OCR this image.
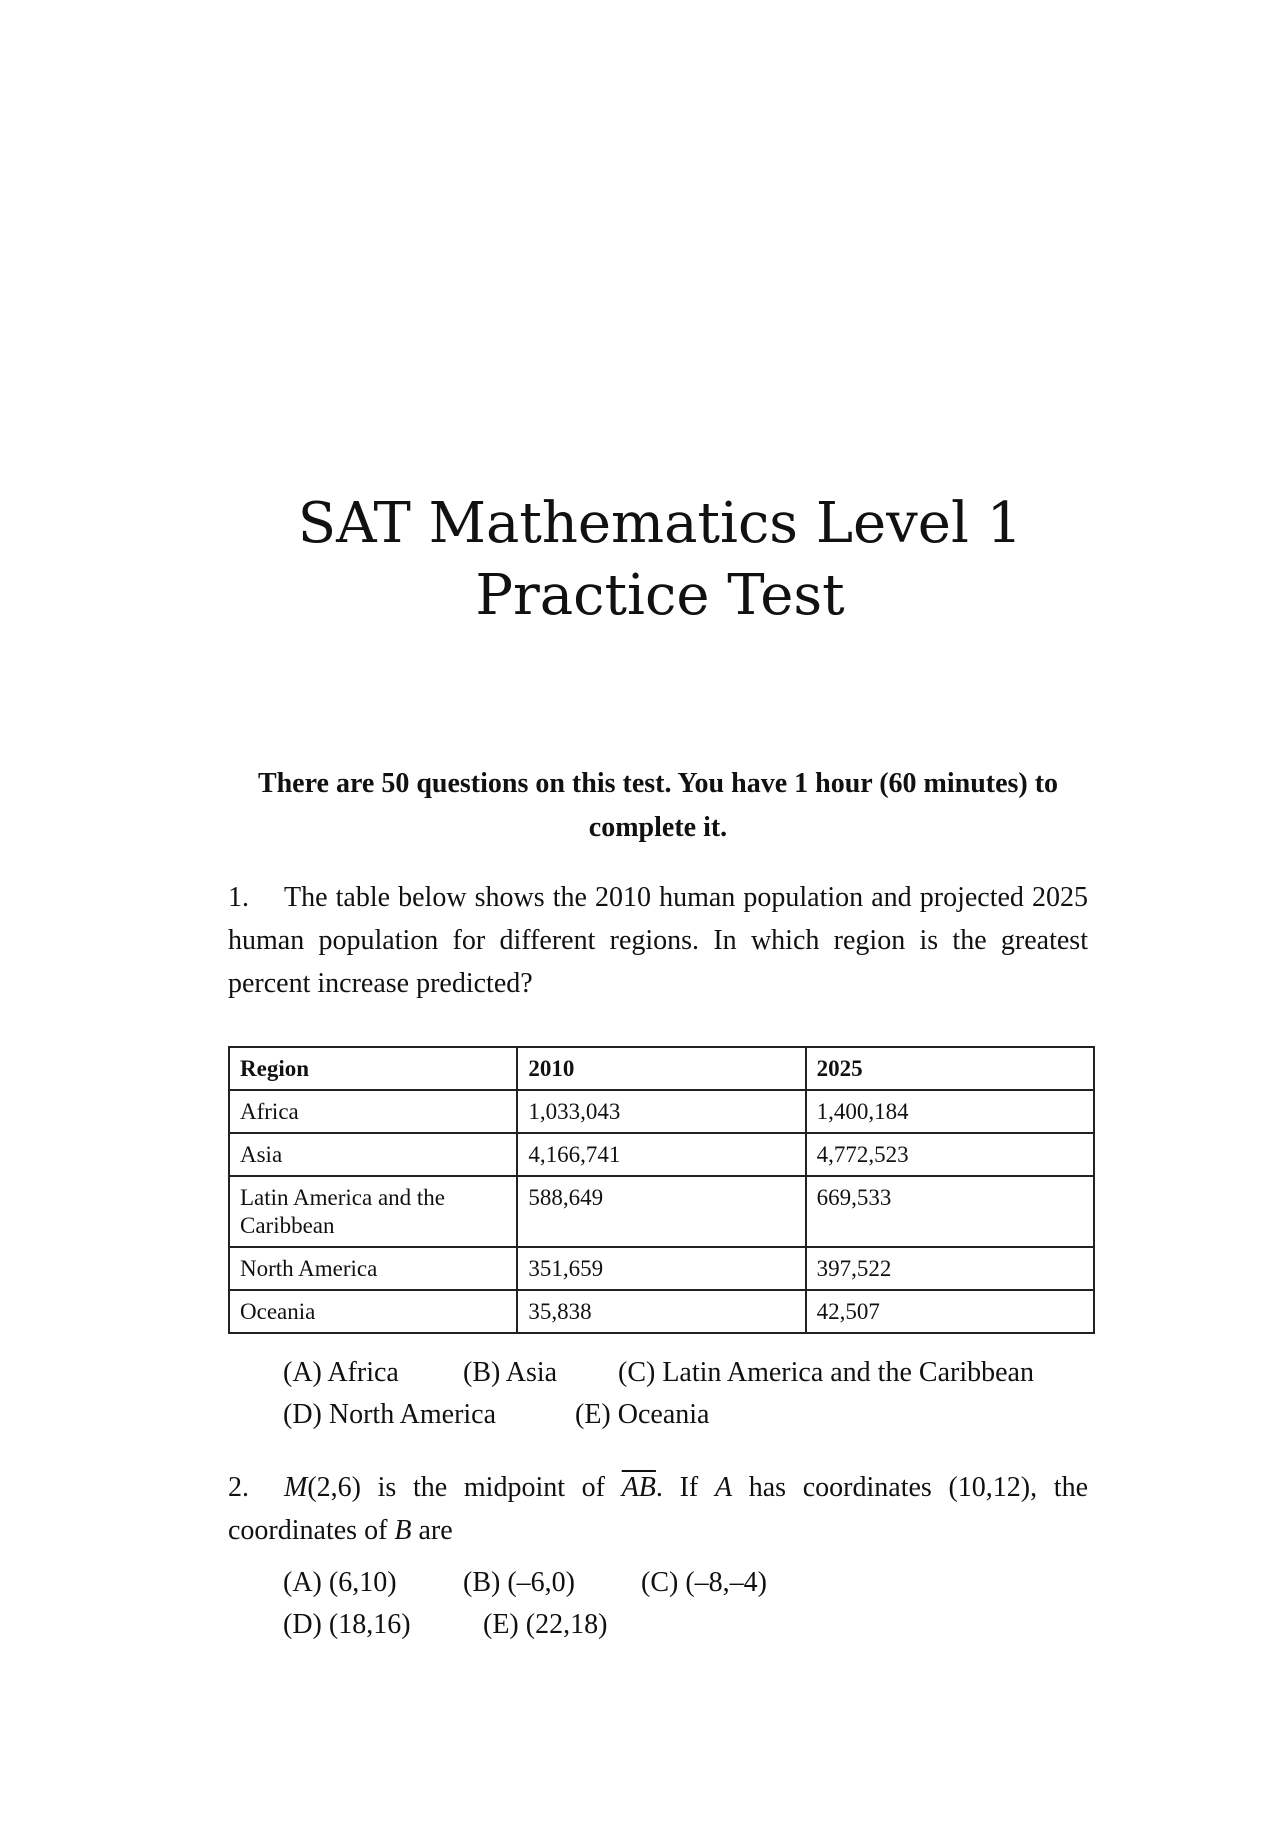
SAT Mathematics Level 1
Practice Test
There are 50 questions on this test. You have 1 hour (60 minutes) to complete it.
1. The table below shows the 2010 human population and projected 2025 human population for different regions. In which region is the greatest percent increase predicted?
Region	2010	2025
Africa	1,033,043	1,400,184
Asia	4,166,741	4,772,523
Latin America and the Caribbean	588,649	669,533
North America	351,659	397,522
Oceania	35,838	42,507
(A) Africa (B) Asia (C) Latin America and the Caribbean
(D) North America	(E) Oceania
2. M(2,6) is the midpoint of $\overline{AB}$. If A has coordinates (10,12), the coordinates of B are
(A) (6,10) (B) (–6,0) (C) (–8,–4)
(D) (18,16)	(E) (22,18)
